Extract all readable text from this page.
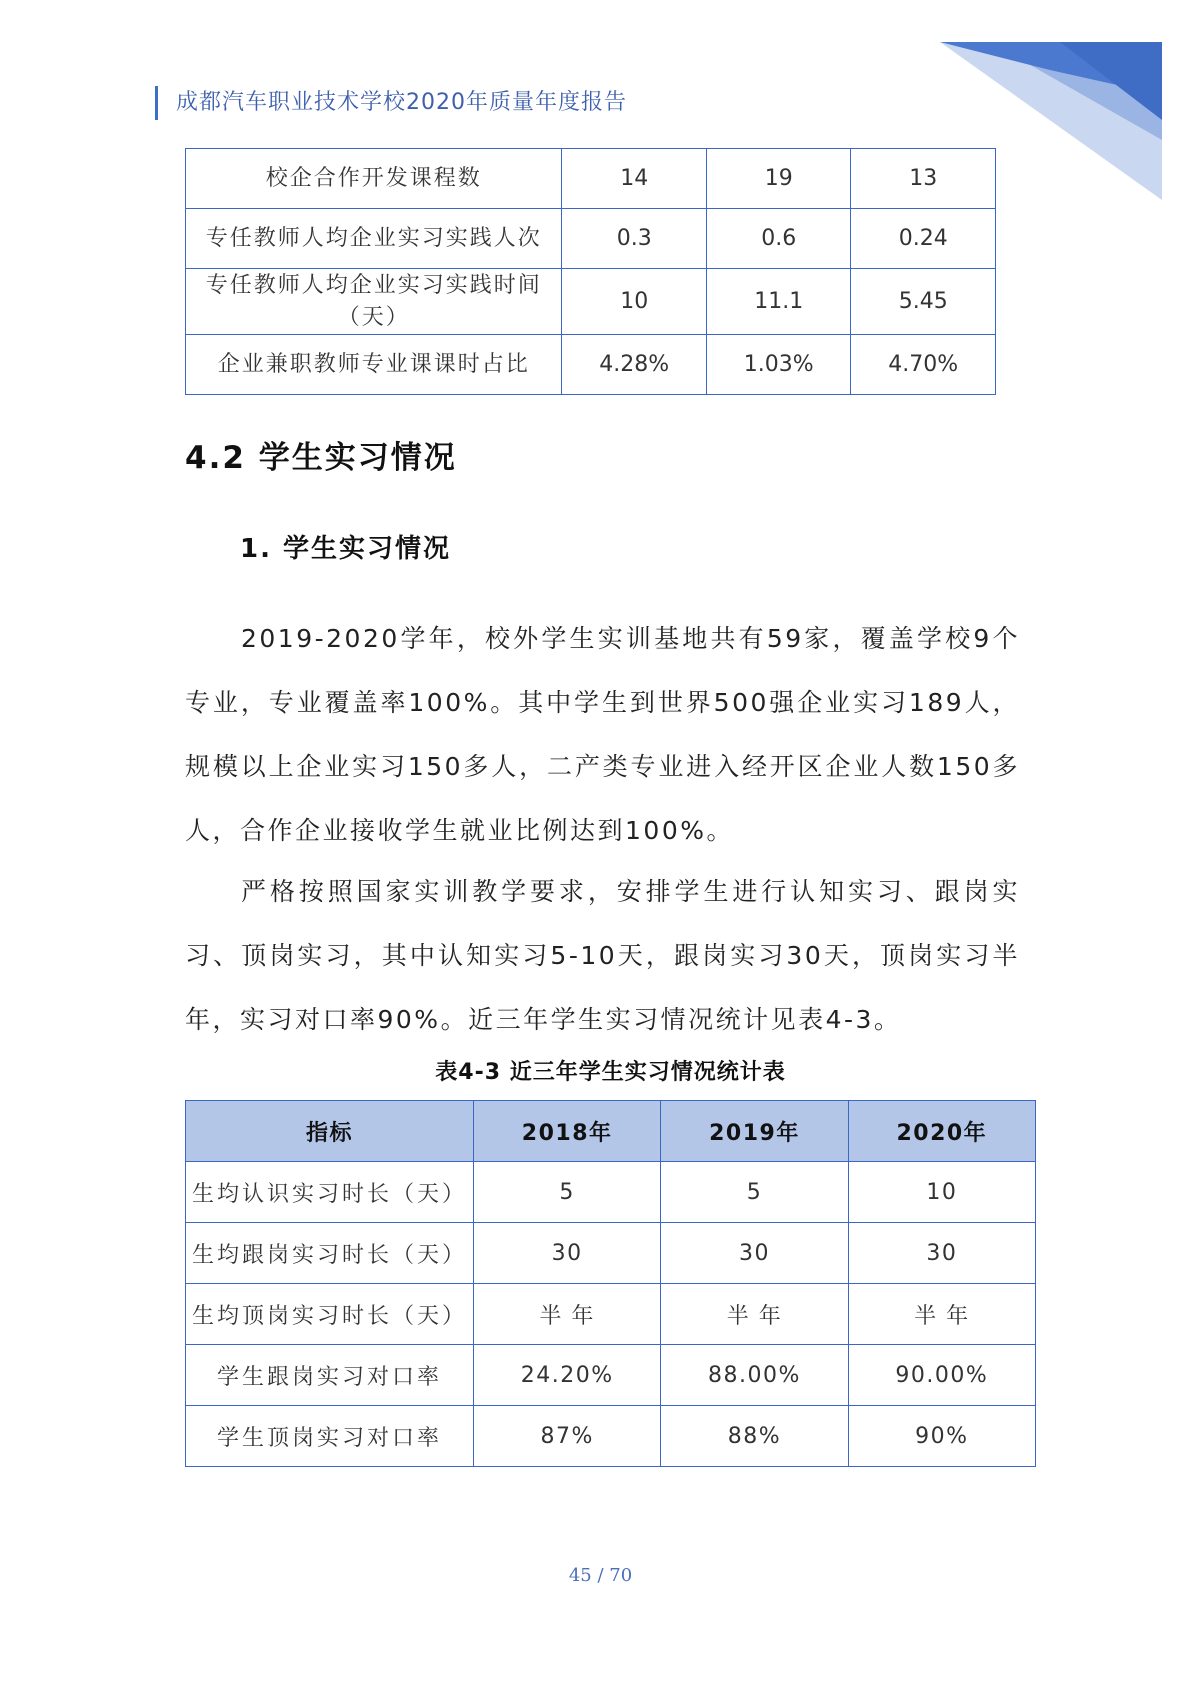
成都汽车职业技术学校2020年质量年度报告
校企合作开发课程数	14	19	13
专任教师人均企业实习实践人次	0.3	0.6	0.24
专任教师人均企业实习实践时间（天）	10	11.1	5.45
企业兼职教师专业课课时占比	4.28%	1.03%	4.70%
4.2 学生实习情况
1. 学生实习情况

2019-2020学年，校外学生实训基地共有59家，覆盖学校9个专业，专业覆盖率100%。其中学生到世界500强企业实习189人，规模以上企业实习150多人，二产类专业进入经开区企业人数150多人，合作企业接收学生就业比例达到100%。

严格按照国家实训教学要求，安排学生进行认知实习、跟岗实习、顶岗实习，其中认知实习5-10天，跟岗实习30天，顶岗实习半年，实习对口率90%。近三年学生实习情况统计见表4-3。

表4-3 近三年学生实习情况统计表

指标	2018年	2019年	2020年
生均认识实习时长（天）	5	5	10
生均跟岗实习时长（天）	30	30	30
生均顶岗实习时长（天）	半 年	半 年	半 年
学生跟岗实习对口率	24.20%	88.00%	90.00%
学生顶岗实习对口率	87%	88%	90%
45 / 70
